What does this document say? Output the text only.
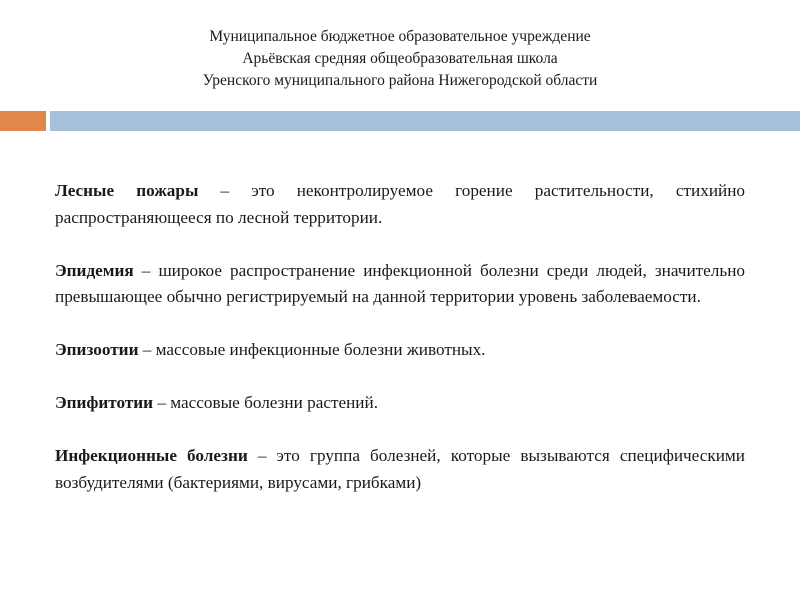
Муниципальное бюджетное образовательное учреждение
Арьёвская средняя общеобразовательная школа
Уренского муниципального района Нижегородской области

Лесные пожары – это неконтролируемое горение растительности, стихийно распространяющееся по лесной территории.

Эпидемия – широкое распространение инфекционной болезни среди людей, значительно превышающее обычно регистрируемый на данной территории уровень заболеваемости.

Эпизоотии – массовые инфекционные болезни животных.

Эпифитотии – массовые болезни растений.

Инфекционные болезни – это группа болезней, которые вызываются специфическими возбудителями (бактериями, вирусами, грибками)
